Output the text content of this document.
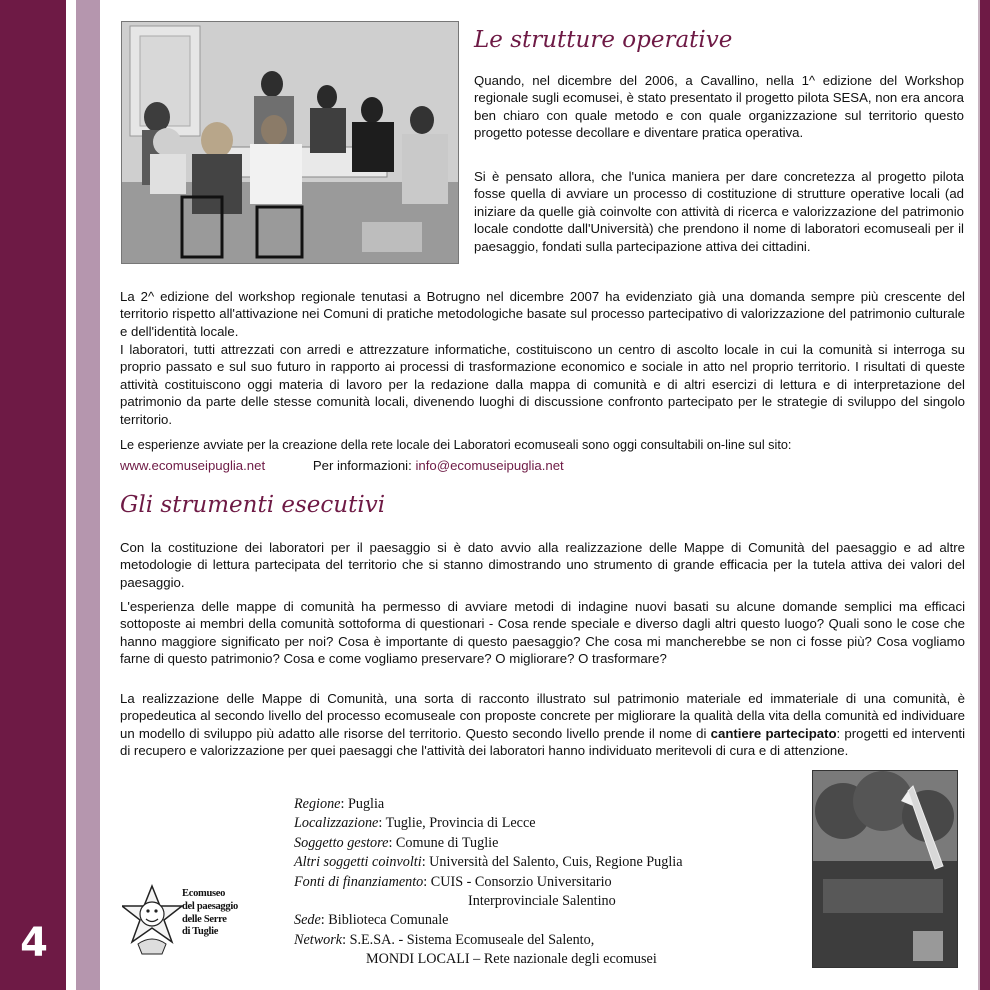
4
Le strutture operative

Quando, nel dicembre del 2006, a Cavallino, nella 1^ edizione del Workshop regionale sugli ecomusei, è stato presentato il progetto pilota SESA, non era ancora ben chiaro con quale metodo e con quale organizzazione sul territorio questo progetto potesse decollare e diventare pratica operativa.

Si è pensato allora, che l'unica maniera per dare concretezza al progetto pilota fosse quella di avviare un processo di costituzione di strutture operative locali (ad iniziare da quelle già coinvolte con attività di ricerca e valorizzazione del patrimonio locale condotte dall'Università) che prendono il nome di laboratori ecomuseali per il paesaggio, fondati sulla partecipazione attiva dei cittadini.

La 2^ edizione del workshop regionale tenutasi a Botrugno nel dicembre 2007 ha evidenziato già una domanda sempre più crescente del territorio rispetto all'attivazione nei Comuni di pratiche metodologiche basate sul processo partecipativo di valorizzazione del patrimonio culturale e dell'identità locale.

I laboratori, tutti attrezzati con arredi e attrezzature informatiche, costituiscono un centro di ascolto locale in cui la comunità si interroga su proprio passato e sul suo futuro in rapporto ai processi di trasformazione economico e sociale in atto nel proprio territorio. I risultati di queste attività costituiscono oggi materia di lavoro per la redazione dalla mappa di comunità e di altri esercizi di lettura e di interpretazione del patrimonio da parte delle stesse comunità locali, divenendo luoghi di discussione confronto partecipato per le strategie di sviluppo del singolo territorio.

Le esperienze avviate per la creazione della rete locale dei Laboratori ecomuseali sono oggi consultabili on-line sul sito:

www.ecomuseipuglia.net	Per informazioni: info@ecomuseipuglia.net
Gli strumenti esecutivi

Con la costituzione dei laboratori per il paesaggio si è dato avvio alla realizzazione delle Mappe di Comunità del paesaggio e ad altre metodologie di lettura partecipata del territorio che si stanno dimostrando uno strumento di grande efficacia per la tutela attiva dei valori del paesaggio.

L'esperienza delle mappe di comunità ha permesso di avviare metodi di indagine nuovi basati su alcune domande semplici ma efficaci sottoposte ai membri della comunità sottoforma di questionari - Cosa rende speciale e diverso dagli altri questo luogo? Quali sono le cose che hanno maggiore significato per noi? Cosa è importante di questo paesaggio? Che cosa mi mancherebbe se non ci fosse più? Cosa vogliamo farne di questo patrimonio? Cosa e come vogliamo preservare? O migliorare? O trasformare?

La realizzazione delle Mappe di Comunità, una sorta di racconto illustrato sul patrimonio materiale ed immateriale di una comunità, è propedeutica al secondo livello del processo ecomuseale con proposte concrete per migliorare la qualità della vita della comunità ed individuare un modello di sviluppo più adatto alle risorse del territorio. Questo secondo livello prende il nome di cantiere partecipato: progetti ed interventi di recupero e valorizzazione per quei paesaggi che l'attività dei laboratori hanno individuato meritevoli di cura e di attenzione.

Regione: Puglia
Localizzazione: Tuglie, Provincia di Lecce
Soggetto gestore: Comune di Tuglie
Altri soggetti coinvolti: Università del Salento, Cuis, Regione Puglia
Fonti di finanziamento: CUIS - Consorzio Universitario
Interprovinciale Salentino
Sede: Biblioteca Comunale
Network: S.E.SA. - Sistema Ecomuseale del Salento,
MONDI LOCALI – Rete nazionale degli ecomusei
Ecomuseo
del paesaggio
delle Serre
di Tuglie
